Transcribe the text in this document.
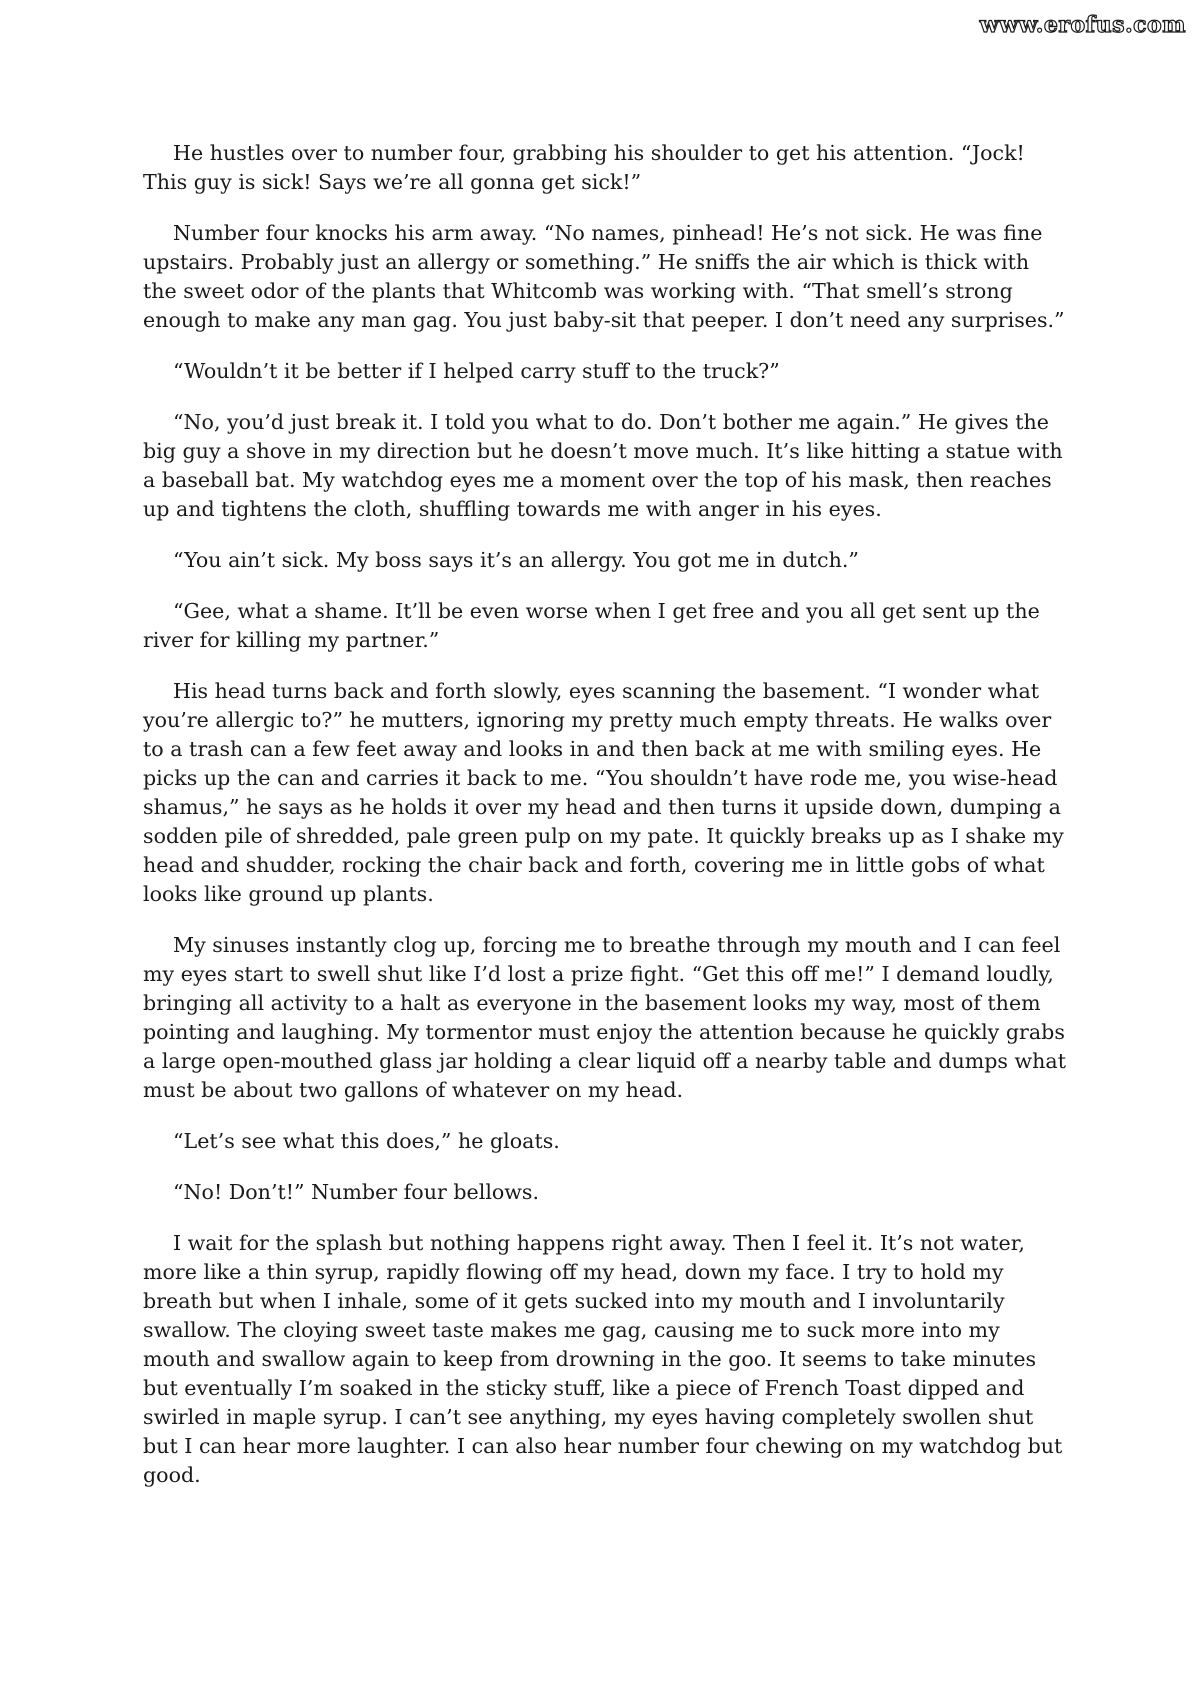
www.erofus.com

He hustles over to number four, grabbing his shoulder to get his attention. “Jock! This guy is sick! Says we’re all gonna get sick!”

Number four knocks his arm away. “No names, pinhead! He’s not sick. He was fine upstairs. Probably just an allergy or something.” He sniffs the air which is thick with the sweet odor of the plants that Whitcomb was working with. “That smell’s strong enough to make any man gag. You just baby-sit that peeper. I don’t need any surprises.”

“Wouldn’t it be better if I helped carry stuff to the truck?”

“No, you’d just break it. I told you what to do. Don’t bother me again.” He gives the big guy a shove in my direction but he doesn’t move much. It’s like hitting a statue with a baseball bat. My watchdog eyes me a moment over the top of his mask, then reaches up and tightens the cloth, shuffling towards me with anger in his eyes.

“You ain’t sick. My boss says it’s an allergy. You got me in dutch.”

“Gee, what a shame. It’ll be even worse when I get free and you all get sent up the river for killing my partner.”

His head turns back and forth slowly, eyes scanning the basement. “I wonder what you’re allergic to?” he mutters, ignoring my pretty much empty threats. He walks over to a trash can a few feet away and looks in and then back at me with smiling eyes. He picks up the can and carries it back to me. “You shouldn’t have rode me, you wise-head shamus,” he says as he holds it over my head and then turns it upside down, dumping a sodden pile of shredded, pale green pulp on my pate. It quickly breaks up as I shake my head and shudder, rocking the chair back and forth, covering me in little gobs of what looks like ground up plants.

My sinuses instantly clog up, forcing me to breathe through my mouth and I can feel my eyes start to swell shut like I’d lost a prize fight. “Get this off me!” I demand loudly, bringing all activity to a halt as everyone in the basement looks my way, most of them pointing and laughing. My tormentor must enjoy the attention because he quickly grabs a large open-mouthed glass jar holding a clear liquid off a nearby table and dumps what must be about two gallons of whatever on my head.

“Let’s see what this does,” he gloats.

“No! Don’t!” Number four bellows.

I wait for the splash but nothing happens right away. Then I feel it. It’s not water, more like a thin syrup, rapidly flowing off my head, down my face. I try to hold my breath but when I inhale, some of it gets sucked into my mouth and I involuntarily swallow. The cloying sweet taste makes me gag, causing me to suck more into my mouth and swallow again to keep from drowning in the goo. It seems to take minutes but eventually I’m soaked in the sticky stuff, like a piece of French Toast dipped and swirled in maple syrup. I can’t see anything, my eyes having completely swollen shut but I can hear more laughter. I can also hear number four chewing on my watchdog but good.
